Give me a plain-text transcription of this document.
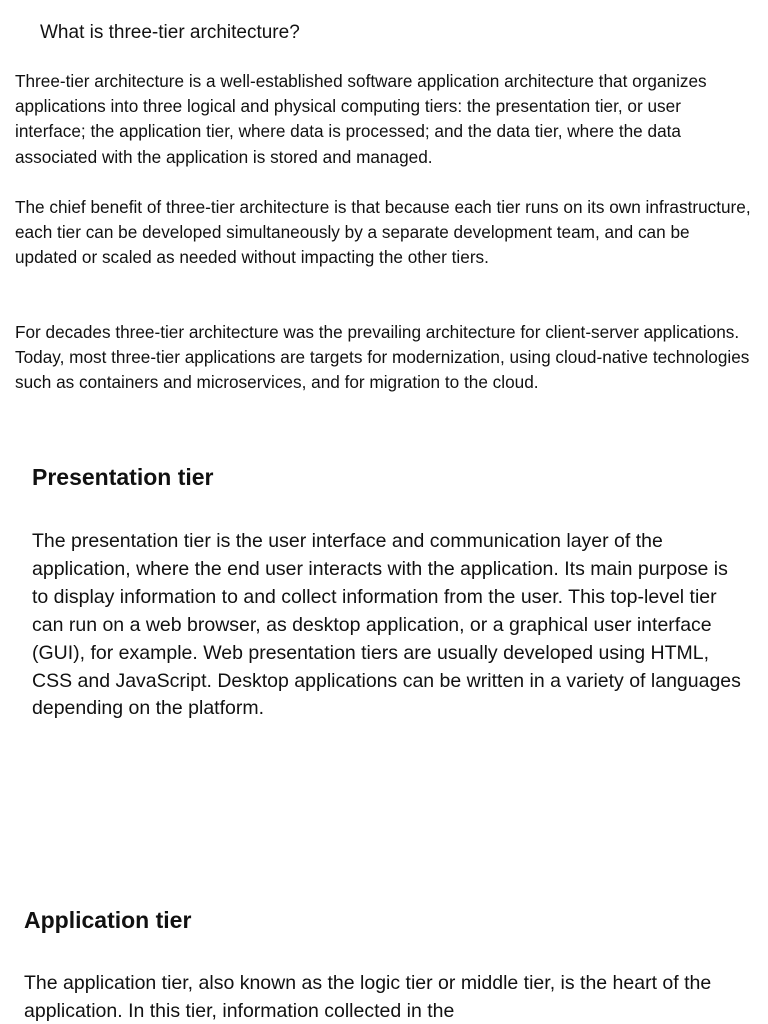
What is three-tier architecture?

Three-tier architecture is a well-established software application architecture that organizes applications into three logical and physical computing tiers: the presentation tier, or user interface; the application tier, where data is processed; and the data tier, where the data associated with the application is stored and managed.

The chief benefit of three-tier architecture is that because each tier runs on its own infrastructure, each tier can be developed simultaneously by a separate development team, and can be updated or scaled as needed without impacting the other tiers.

For decades three-tier architecture was the prevailing architecture for client-server applications. Today, most three-tier applications are targets for modernization, using cloud-native technologies such as containers and microservices, and for migration to the cloud.

Presentation tier

The presentation tier is the user interface and communication layer of the application, where the end user interacts with the application. Its main purpose is to display information to and collect information from the user. This top-level tier can run on a web browser, as desktop application, or a graphical user interface (GUI), for example. Web presentation tiers are usually developed using HTML, CSS and JavaScript. Desktop applications can be written in a variety of languages depending on the platform.

Application tier

The application tier, also known as the logic tier or middle tier, is the heart of the application. In this tier, information collected in the
